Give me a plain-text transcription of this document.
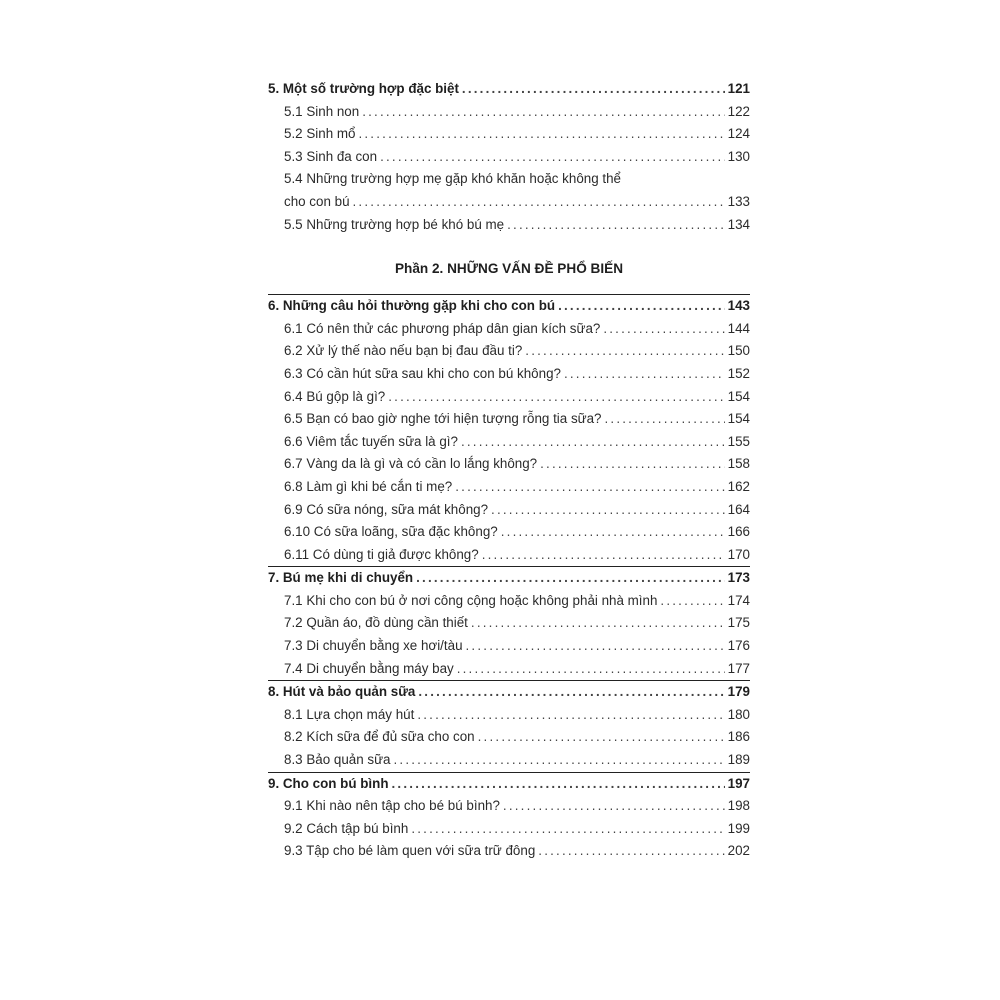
5. Một số trường hợp đặc biệt .....	121
5.1 Sinh non .....	122
5.2 Sinh mổ .....	124
5.3 Sinh đa con .....	130
5.4 Những trường hợp mẹ gặp khó khăn hoặc không thể
cho con bú .....	133
5.5 Những trường hợp bé khó bú mẹ .....	134
Phần 2. NHỮNG VẤN ĐỀ PHỔ BIẾN
6. Những câu hỏi thường gặp khi cho con bú .....	143
6.1 Có nên thử các phương pháp dân gian kích sữa? .....	144
6.2 Xử lý thế nào nếu bạn bị đau đầu ti? .....	150
6.3 Có cần hút sữa sau khi cho con bú không? .....	152
6.4 Bú gộp là gì? .....	154
6.5 Bạn có bao giờ nghe tới hiện tượng rỗng tia sữa? .....	154
6.6 Viêm tắc tuyến sữa là gì? .....	155
6.7 Vàng da là gì và có cần lo lắng không? .....	158
6.8 Làm gì khi bé cắn ti mẹ? .....	162
6.9 Có sữa nóng, sữa mát không? .....	164
6.10 Có sữa loãng, sữa đặc không? .....	166
6.11 Có dùng ti giả được không? .....	170
7. Bú mẹ khi di chuyển .....	173
7.1 Khi cho con bú ở nơi công cộng hoặc không phải nhà mình .....	174
7.2 Quần áo, đồ dùng cần thiết .....	175
7.3 Di chuyển bằng xe hơi/tàu .....	176
7.4 Di chuyển bằng máy bay .....	177
8. Hút và bảo quản sữa .....	179
8.1 Lựa chọn máy hút .....	180
8.2 Kích sữa để đủ sữa cho con .....	186
8.3 Bảo quản sữa .....	189
9. Cho con bú bình .....	197
9.1 Khi nào nên tập cho bé bú bình? .....	198
9.2 Cách tập bú bình .....	199
9.3 Tập cho bé làm quen với sữa trữ đông .....	202
